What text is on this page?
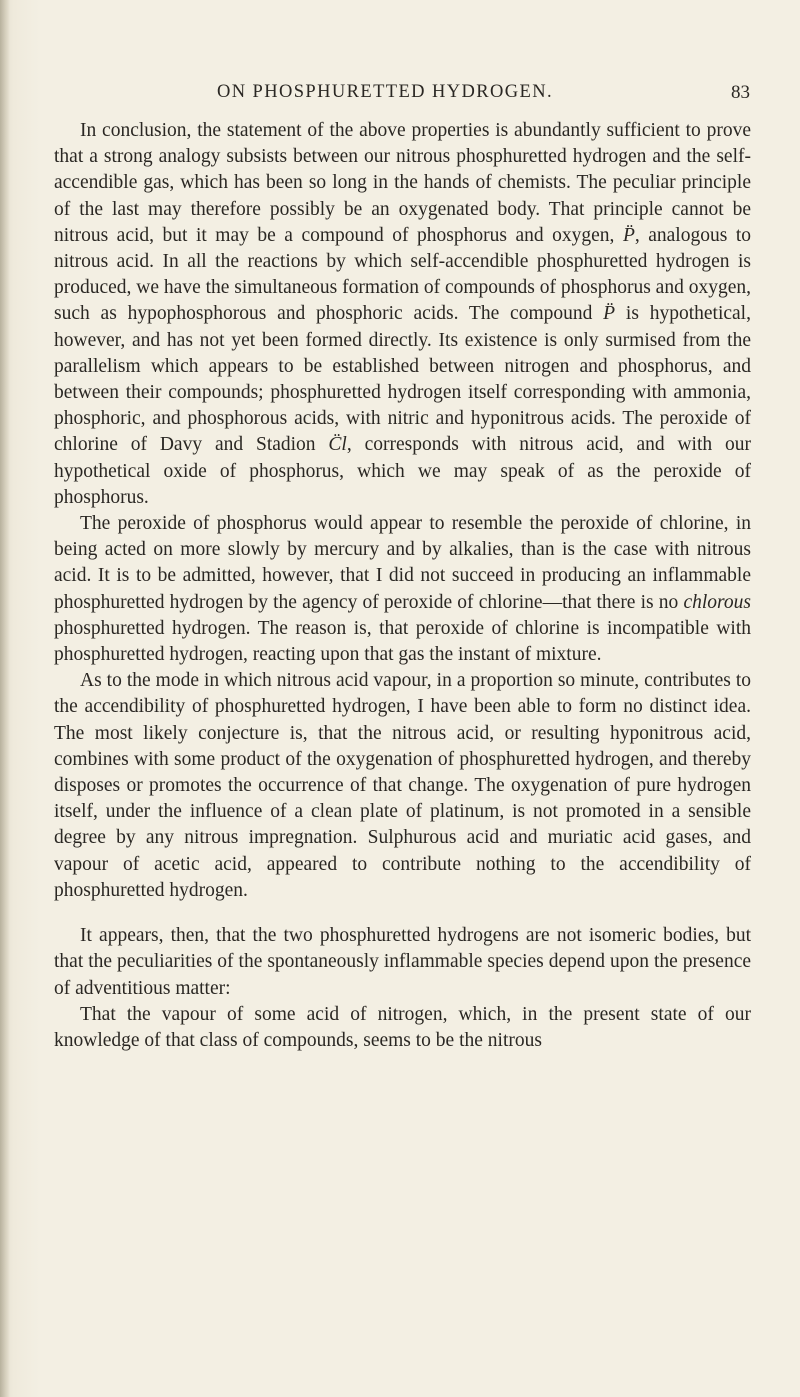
ON PHOSPHURETTED HYDROGEN.	83

In conclusion, the statement of the above properties is abundantly sufficient to prove that a strong analogy subsists between our nitrous phosphuretted hydrogen and the self-accendible gas, which has been so long in the hands of chemists. The peculiar principle of the last may therefore possibly be an oxygenated body. That principle cannot be nitrous acid, but it may be a compound of phosphorus and oxygen, P̈, analogous to nitrous acid. In all the reactions by which self-accendible phosphuretted hydrogen is produced, we have the simultaneous formation of compounds of phosphorus and oxygen, such as hypophosphorous and phosphoric acids. The compound P̈ is hypothetical, however, and has not yet been formed directly. Its existence is only surmised from the parallelism which appears to be established between nitrogen and phosphorus, and between their compounds; phosphuretted hydrogen itself corresponding with ammonia, phosphoric, and phosphorous acids, with nitric and hyponitrous acids. The peroxide of chlorine of Davy and Stadion C̈l, corresponds with nitrous acid, and with our hypothetical oxide of phosphorus, which we may speak of as the peroxide of phosphorus.

The peroxide of phosphorus would appear to resemble the peroxide of chlorine, in being acted on more slowly by mercury and by alkalies, than is the case with nitrous acid. It is to be admitted, however, that I did not succeed in producing an inflammable phosphuretted hydrogen by the agency of peroxide of chlorine—that there is no chlorous phosphuretted hydrogen. The reason is, that peroxide of chlorine is incompatible with phosphuretted hydrogen, reacting upon that gas the instant of mixture.

As to the mode in which nitrous acid vapour, in a proportion so minute, contributes to the accendibility of phosphuretted hydrogen, I have been able to form no distinct idea. The most likely conjecture is, that the nitrous acid, or resulting hyponitrous acid, combines with some product of the oxygenation of phosphuretted hydrogen, and thereby disposes or promotes the occurrence of that change. The oxygenation of pure hydrogen itself, under the influence of a clean plate of platinum, is not promoted in a sensible degree by any nitrous impregnation. Sulphurous acid and muriatic acid gases, and vapour of acetic acid, appeared to contribute nothing to the accendibility of phosphuretted hydrogen.

It appears, then, that the two phosphuretted hydrogens are not isomeric bodies, but that the peculiarities of the spontaneously inflammable species depend upon the presence of adventitious matter:

That the vapour of some acid of nitrogen, which, in the present state of our knowledge of that class of compounds, seems to be the nitrous
